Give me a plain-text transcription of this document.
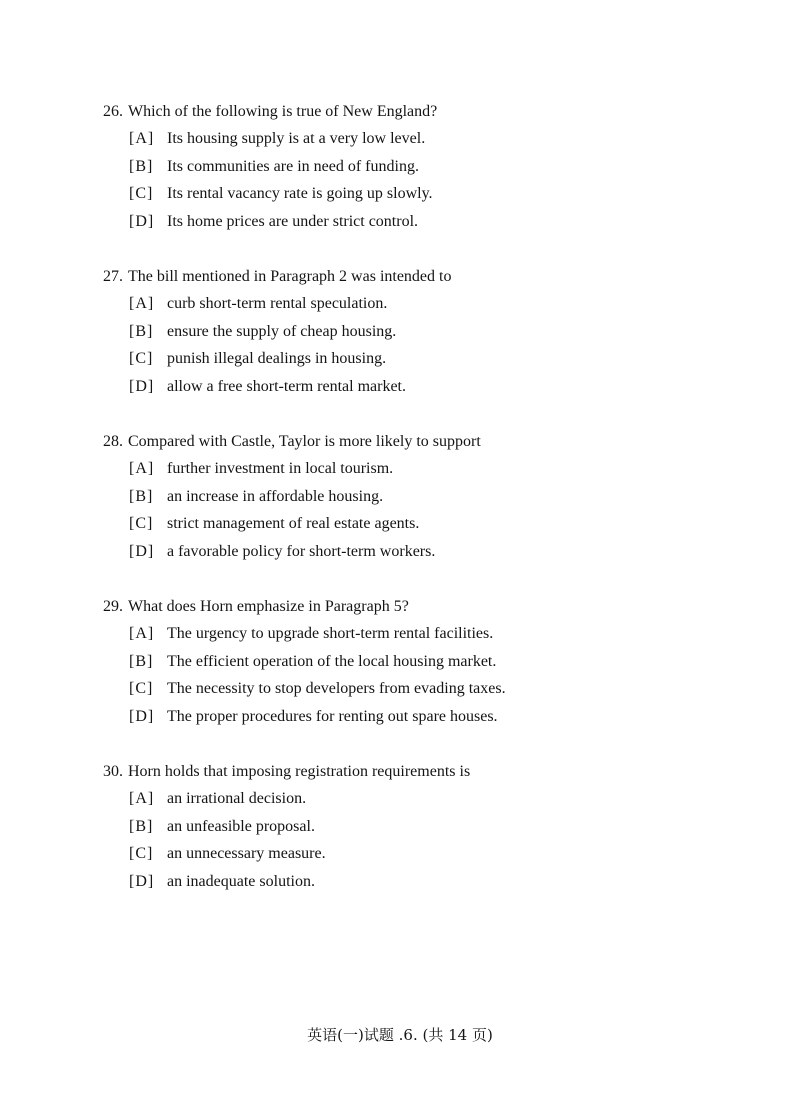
26. Which of the following is true of New England?
[A] Its housing supply is at a very low level.
[B] Its communities are in need of funding.
[C] Its rental vacancy rate is going up slowly.
[D] Its home prices are under strict control.
27. The bill mentioned in Paragraph 2 was intended to
[A] curb short-term rental speculation.
[B] ensure the supply of cheap housing.
[C] punish illegal dealings in housing.
[D] allow a free short-term rental market.
28. Compared with Castle, Taylor is more likely to support
[A] further investment in local tourism.
[B] an increase in affordable housing.
[C] strict management of real estate agents.
[D] a favorable policy for short-term workers.
29. What does Horn emphasize in Paragraph 5?
[A] The urgency to upgrade short-term rental facilities.
[B] The efficient operation of the local housing market.
[C] The necessity to stop developers from evading taxes.
[D] The proper procedures for renting out spare houses.
30. Horn holds that imposing registration requirements is
[A] an irrational decision.
[B] an unfeasible proposal.
[C] an unnecessary measure.
[D] an inadequate solution.
英语(一)试题 .6. (共 14 页)
